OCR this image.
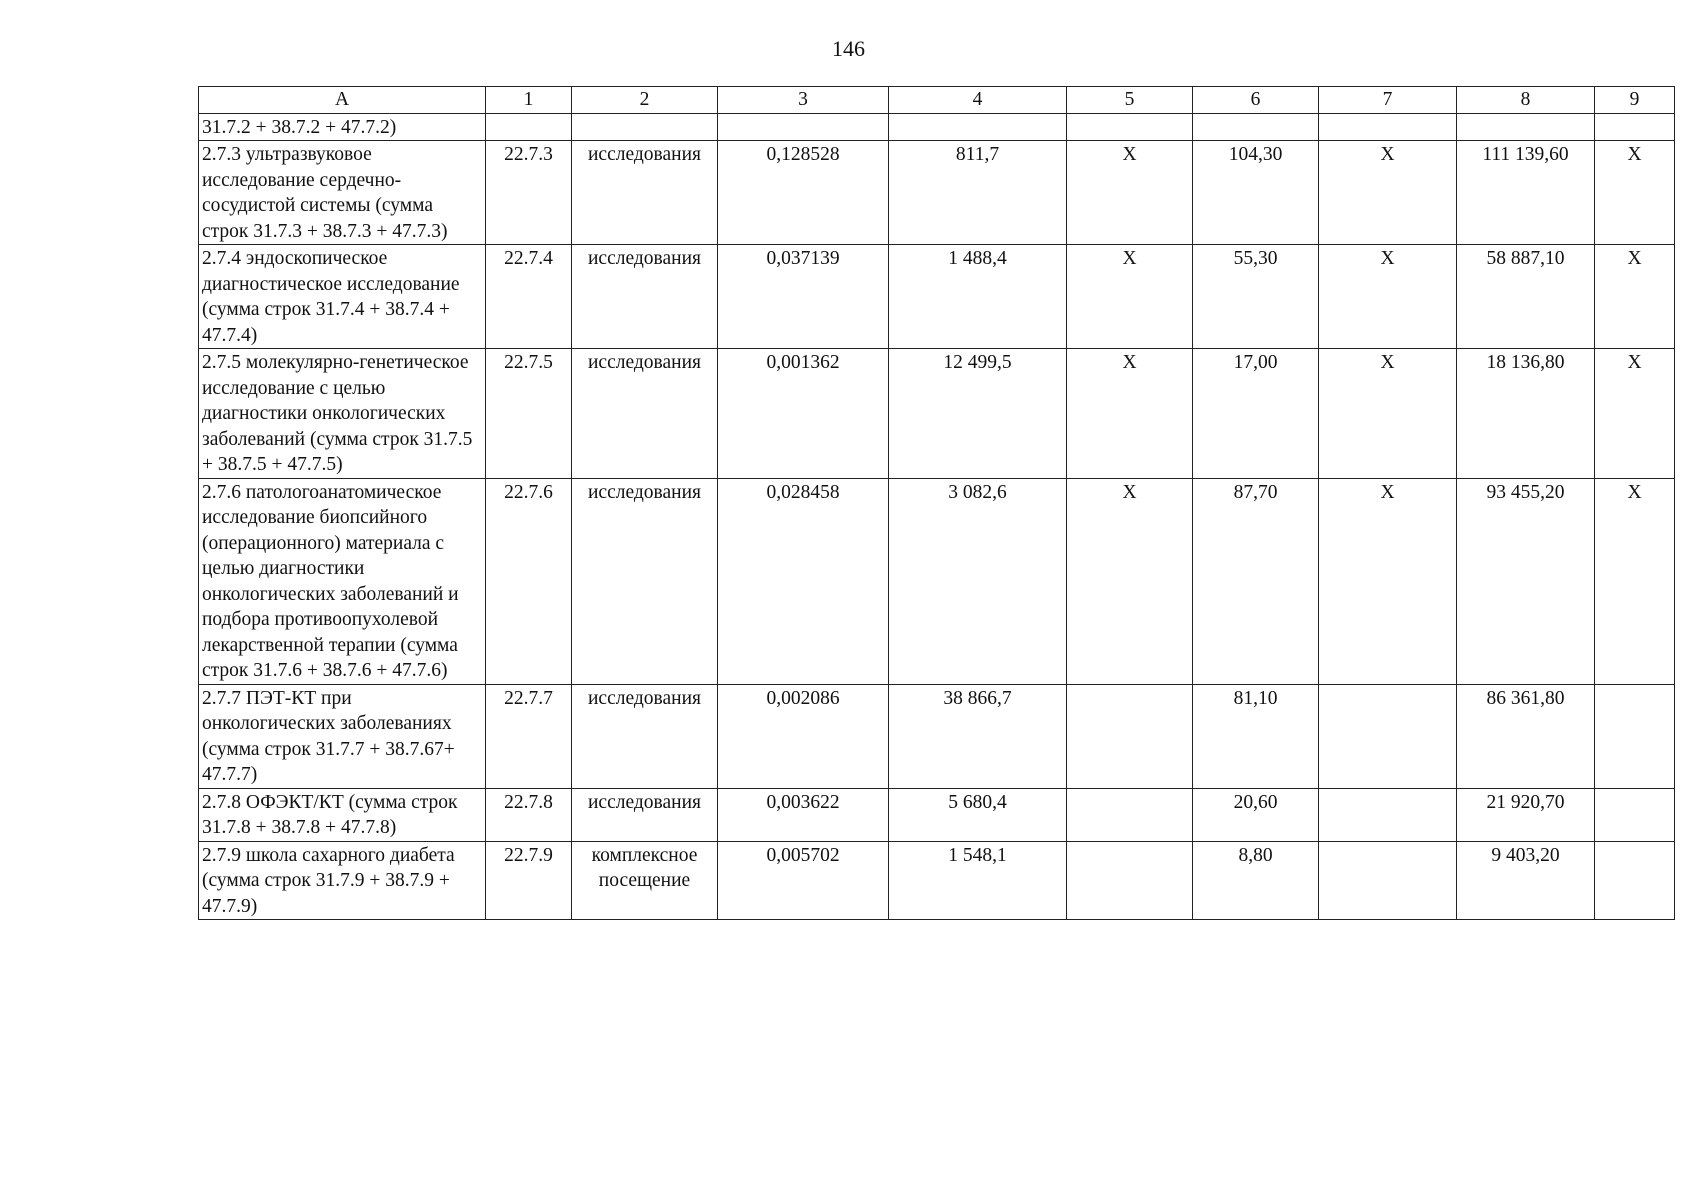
146
А	1	2	3	4	5	6	7	8	9
31.7.2 + 38.7.2 + 47.7.2)									
2.7.3 ультразвуковое исследование сердечно-сосудистой системы (сумма строк 31.7.3 + 38.7.3 + 47.7.3)	22.7.3	исследования	0,128528	811,7	X	104,30	X	111 139,60	X
2.7.4 эндоскопическое диагностическое исследование (сумма строк 31.7.4 + 38.7.4 + 47.7.4)	22.7.4	исследования	0,037139	1 488,4	X	55,30	X	58 887,10	X
2.7.5 молекулярно-генетическое исследование с целью диагностики онкологических заболеваний (сумма строк 31.7.5 + 38.7.5 + 47.7.5)	22.7.5	исследования	0,001362	12 499,5	X	17,00	X	18 136,80	X
2.7.6 патологоанатомическое исследование биопсийного (операционного) материала с целью диагностики онкологических заболеваний и подбора противоопухолевой лекарственной терапии (сумма строк 31.7.6 + 38.7.6 + 47.7.6)	22.7.6	исследования	0,028458	3 082,6	X	87,70	X	93 455,20	X
2.7.7 ПЭТ-КТ при онкологических заболеваниях (сумма строк 31.7.7 + 38.7.67+ 47.7.7)	22.7.7	исследования	0,002086	38 866,7		81,10		86 361,80	
2.7.8 ОФЭКТ/КТ (сумма строк 31.7.8 + 38.7.8 + 47.7.8)	22.7.8	исследования	0,003622	5 680,4		20,60		21 920,70	
2.7.9 школа сахарного диабета (сумма строк 31.7.9 + 38.7.9 + 47.7.9)	22.7.9	комплексное посещение	0,005702	1 548,1		8,80		9 403,20	
